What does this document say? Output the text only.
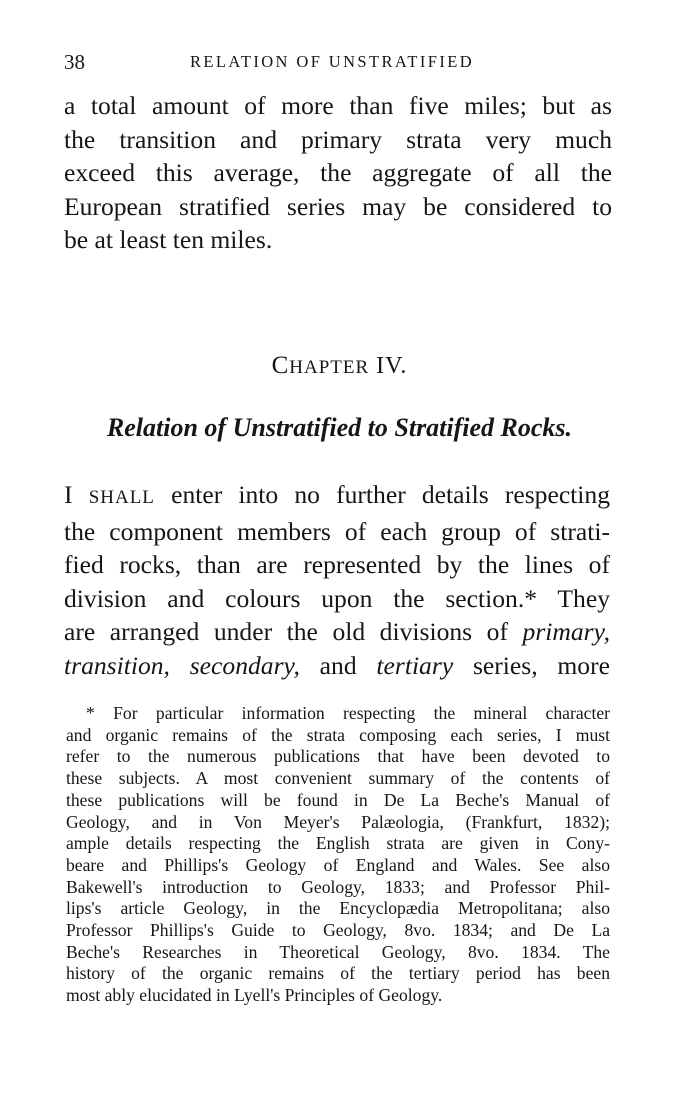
38	RELATION OF UNSTRATIFIED
a total amount of more than five miles; but as
the transition and primary strata very much
exceed this average, the aggregate of all the
European stratified series may be considered to
be at least ten miles.
CHAPTER IV.
Relation of Unstratified to Stratified Rocks.
I SHALL enter into no further details respecting
the component members of each group of strati-
fied rocks, than are represented by the lines of
division and colours upon the section.* They
are arranged under the old divisions of primary,
transition, secondary, and tertiary series, more
* For particular information respecting the mineral character
and organic remains of the strata composing each series, I must
refer to the numerous publications that have been devoted to
these subjects. A most convenient summary of the contents of
these publications will be found in De La Beche's Manual of
Geology, and in Von Meyer's Palæologia, (Frankfurt, 1832);
ample details respecting the English strata are given in Cony-
beare and Phillips's Geology of England and Wales. See also
Bakewell's introduction to Geology, 1833; and Professor Phil-
lips's article Geology, in the Encyclopædia Metropolitana; also
Professor Phillips's Guide to Geology, 8vo. 1834; and De La
Beche's Researches in Theoretical Geology, 8vo. 1834. The
history of the organic remains of the tertiary period has been
most ably elucidated in Lyell's Principles of Geology.
